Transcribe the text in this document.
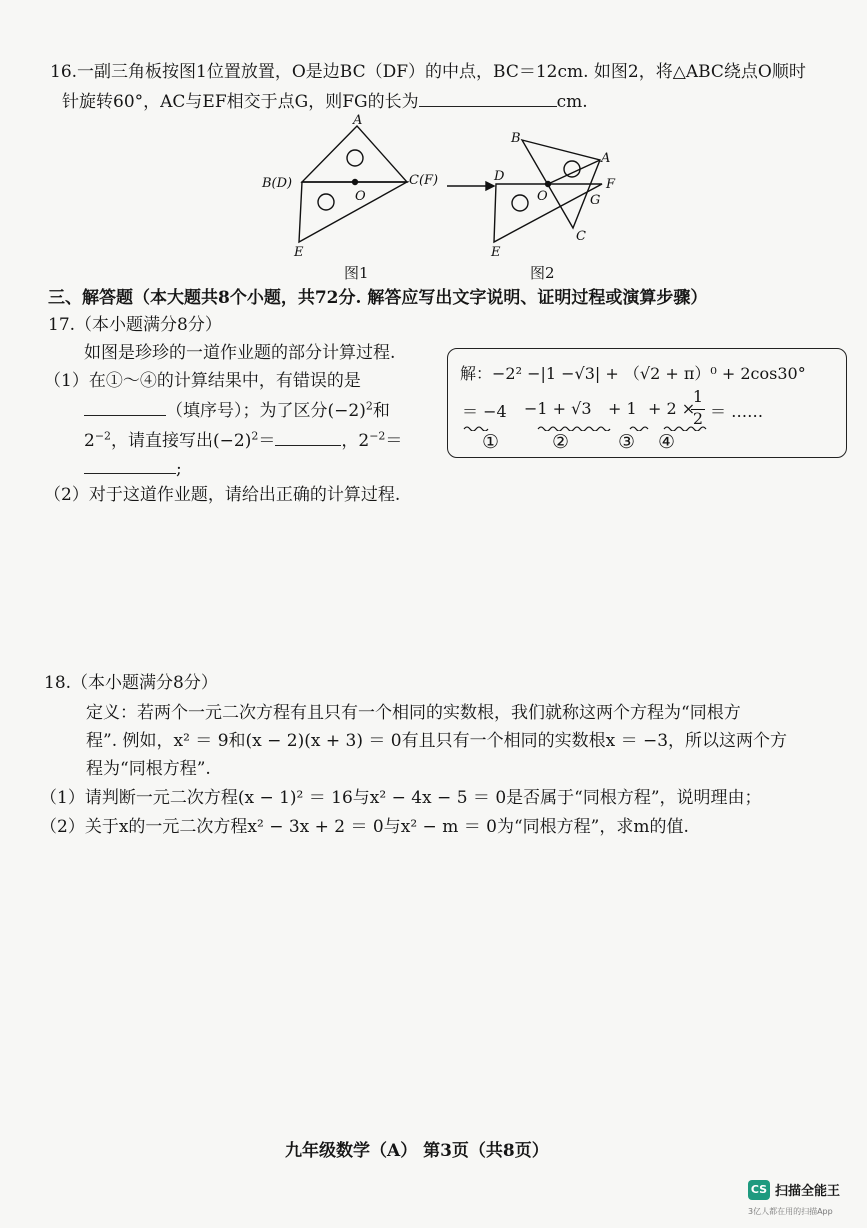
16.一副三角板按图1位置放置，O是边BC（DF）的中点，BC＝12cm. 如图2，将△ABC绕点O顺时
针旋转60°，AC与EF相交于点G，则FG的长为	cm.
A
B(D)	C(F)
O
E
B
A
D
O
F
G
C
E
图1	图2
三、解答题（本大题共8个小题，共72分. 解答应写出文字说明、证明过程或演算步骤）
17.（本小题满分8分）
如图是珍珍的一道作业题的部分计算过程.
（1）在①～④的计算结果中，有错误的是
（填序号）；为了区分$(-2)^2$和
$2^{-2}$，请直接写出$(-2)^2=$	，$2^{-2}=$
;
（2）对于这道作业题，请给出正确的计算过程.
解：−2² −|1 −√3| + （√2 + π）⁰ + 2cos30°
＝ −4 −1 + √3 + 1 + 2 ×
1
2 ＝ ……
①	②	③ ④
18.（本小题满分8分）
定义：若两个一元二次方程有且只有一个相同的实数根，我们就称这两个方程为“同根方
程”. 例如，x² ＝ 9和(x − 2)(x + 3) ＝ 0有且只有一个相同的实数根x ＝ −3，所以这两个方
程为“同根方程”.
（1）请判断一元二次方程(x − 1)² ＝ 16与x² − 4x − 5 ＝ 0是否属于“同根方程”，说明理由；
（2）关于x的一元二次方程x² − 3x + 2 ＝ 0与x² − m ＝ 0为“同根方程”，求m的值.
九年级数学（A） 第3页（共8页）
CS 扫描全能王
3亿人都在用的扫描App
